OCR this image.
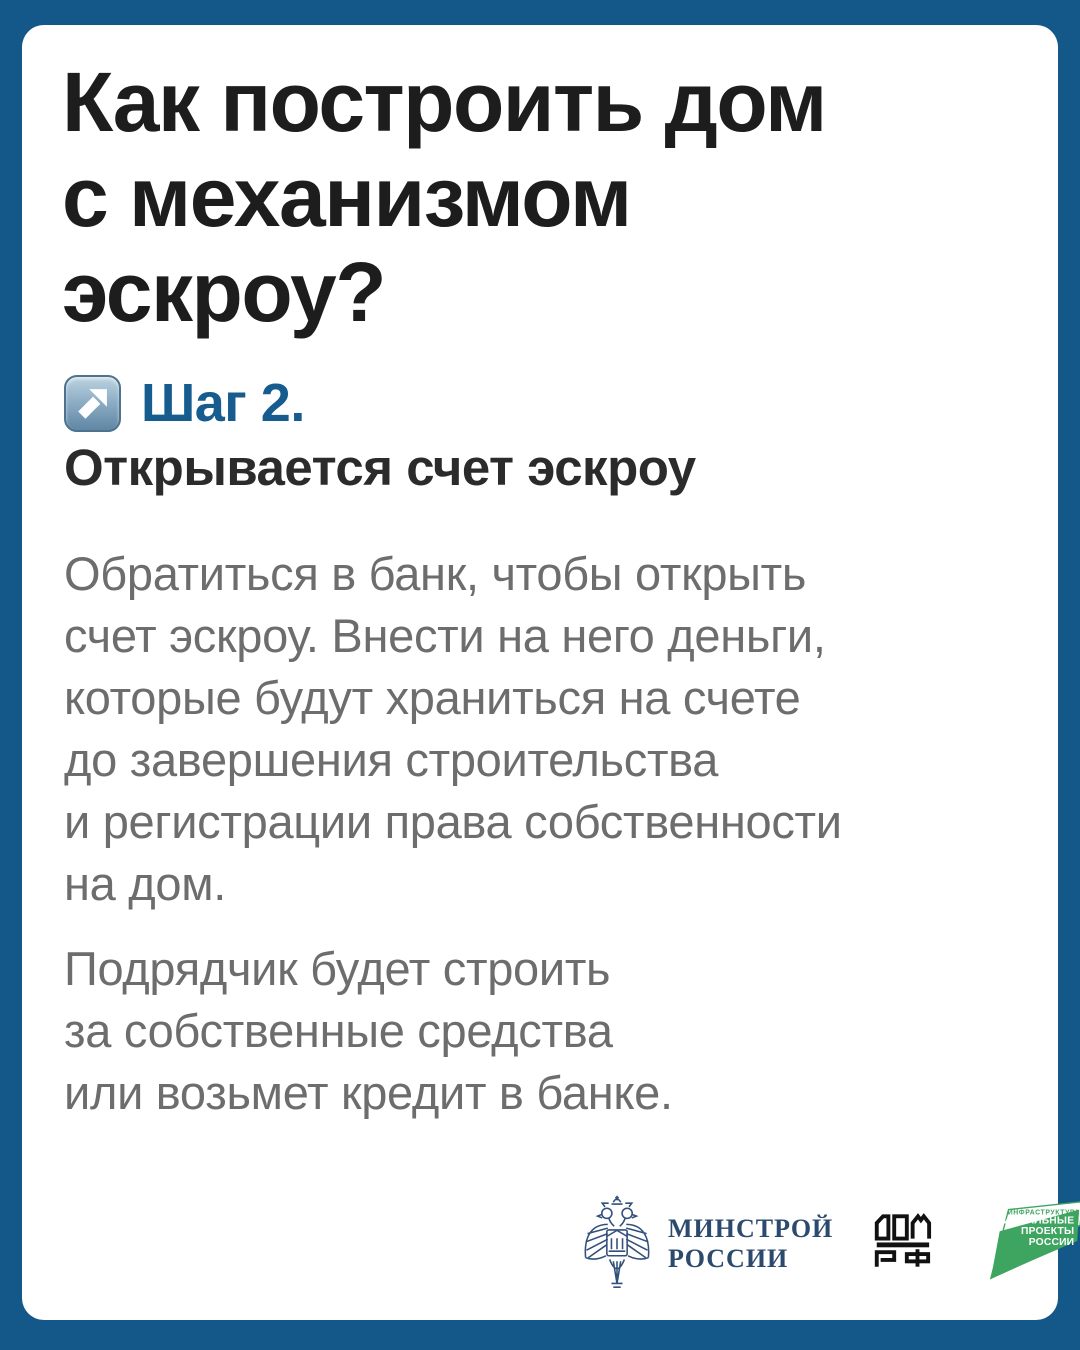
Как построить дом
с механизмом
эскроу?
Шаг 2.
Открывается счет эскроу

Обратиться в банк, чтобы открыть
счет эскроу. Внести на него деньги,
которые будут храниться на счете
до завершения строительства
и регистрации права собственности
на дом.

Подрядчик будет строить
за собственные средства
или возьмет кредит в банке.

МИНСТРОЙ
РОССИИ
ИНФРАСТРУКТУРА
НАЦИОНАЛЬНЫЕ
ПРОЕКТЫ
РОССИИ
